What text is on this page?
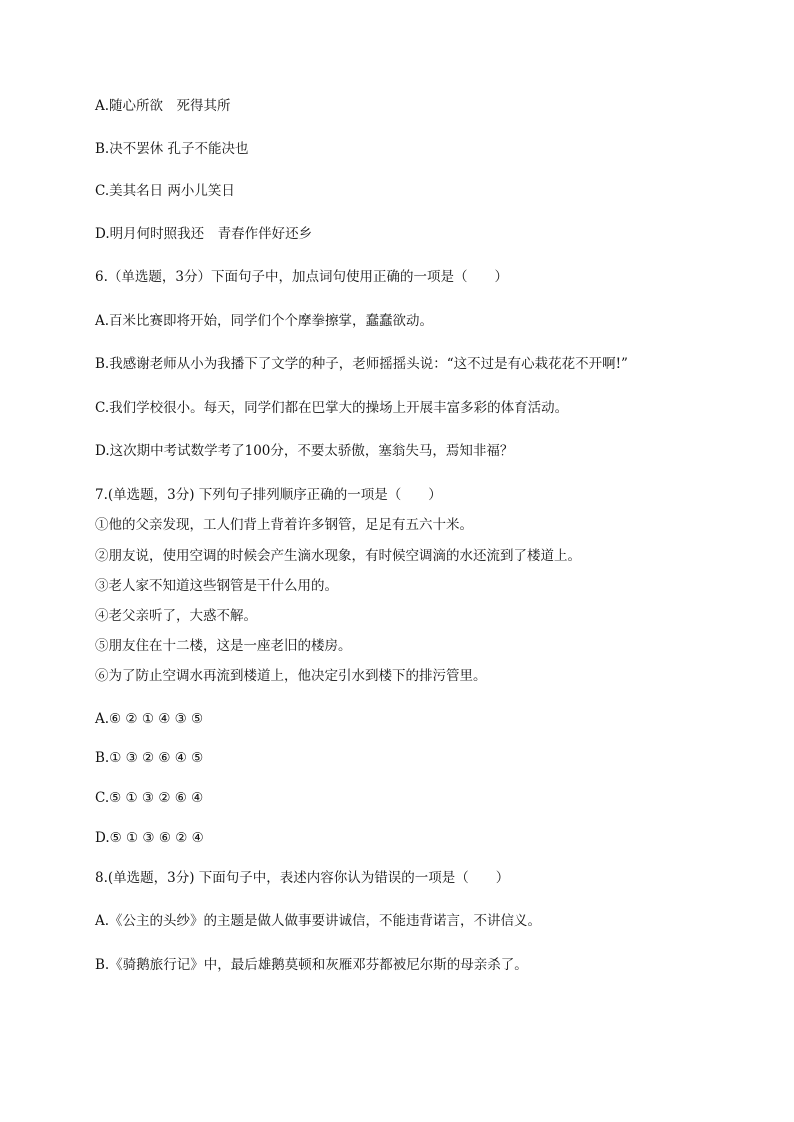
A.随心所欲　死得其所
B.决不罢休 孔子不能决也
C.美其名日 两小儿笑日
D.明月何时照我还　青春作伴好还乡
6.（单选题，3分）下面句子中，加点词句使用正确的一项是（　　）
A.百米比赛即将开始，同学们个个摩拳擦掌，蠢蠢欲动。
B.我感谢老师从小为我播下了文学的种子，老师摇摇头说：“这不过是有心栽花花不开啊!”
C.我们学校很小。每天，同学们都在巴掌大的操场上开展丰富多彩的体育活动。
D.这次期中考试数学考了100分，不要太骄傲，塞翁失马，焉知非福？
7.(单选题，3分) 下列句子排列顺序正确的一项是（　　）
①他的父亲发现，工人们背上背着许多钢管，足足有五六十米。
②朋友说，使用空调的时候会产生滴水现象，有时候空调滴的水还流到了楼道上。
③老人家不知道这些钢管是干什么用的。
④老父亲听了，大惑不解。
⑤朋友住在十二楼，这是一座老旧的楼房。
⑥为了防止空调水再流到楼道上，他决定引水到楼下的排污管里。
A.⑥ ② ① ④ ③ ⑤
B.① ③ ② ⑥ ④ ⑤
C.⑤ ① ③ ② ⑥ ④
D.⑤ ① ③ ⑥ ② ④
8.(单选题，3分) 下面句子中，表述内容你认为错误的一项是（　　）
A.《公主的头纱》的主题是做人做事要讲诚信，不能违背诺言，不讲信义。
B.《骑鹅旅行记》中，最后雄鹅莫顿和灰雁邓芬都被尼尔斯的母亲杀了。
